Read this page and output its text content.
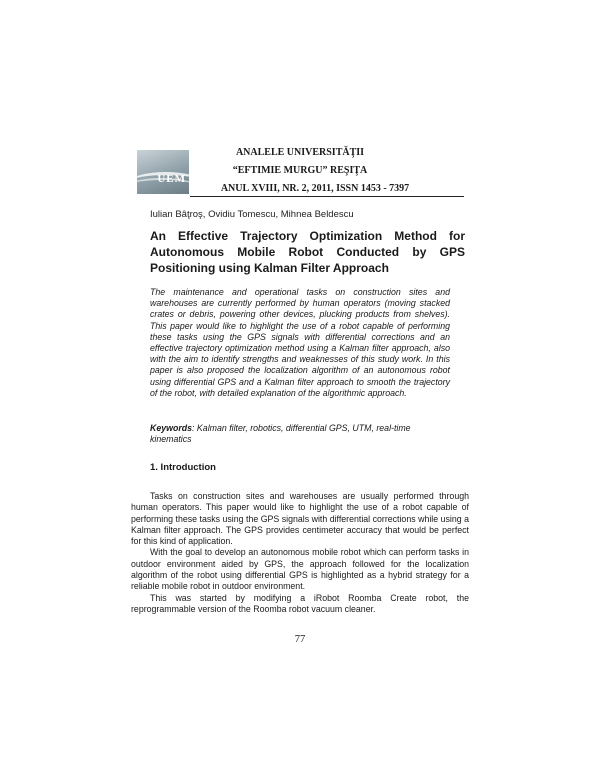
UEM
ANALELE UNIVERSITĂŢII
“EFTIMIE MURGU” REŞIŢA
ANUL XVIII, NR. 2, 2011, ISSN 1453 - 7397
Iulian Bâţroş, Ovidiu Tomescu, Mihnea Beldescu
An Effective Trajectory Optimization Method for Autonomous Mobile Robot Conducted by GPS Positioning using Kalman Filter Approach
The maintenance and operational tasks on construction sites and warehouses are currently performed by human operators (moving stacked crates or debris, powering other devices, plucking products from shelves). This paper would like to highlight the use of a robot capable of performing these tasks using the GPS signals with differential corrections and an effective trajectory optimization method using a Kalman filter approach, also with the aim to identify strengths and weaknesses of this study work. In this paper is also proposed the localization algorithm of an autonomous robot using differential GPS and a Kalman filter approach to smooth the trajectory of the robot, with detailed explanation of the algorithmic approach.
Keywords: Kalman filter, robotics, differential GPS, UTM, real-time kinematics
1. Introduction

Tasks on construction sites and warehouses are usually performed through human operators. This paper would like to highlight the use of a robot capable of performing these tasks using the GPS signals with differential corrections while using a Kalman filter approach. The GPS provides centimeter accuracy that would be perfect for this kind of application.

With the goal to develop an autonomous mobile robot which can perform tasks in outdoor environment aided by GPS, the approach followed for the localization algorithm of the robot using differential GPS is highlighted as a hybrid strategy for a reliable mobile robot in outdoor environment.

This was started by modifying a iRobot Roomba Create robot, the reprogrammable version of the Roomba robot vacuum cleaner.

77
